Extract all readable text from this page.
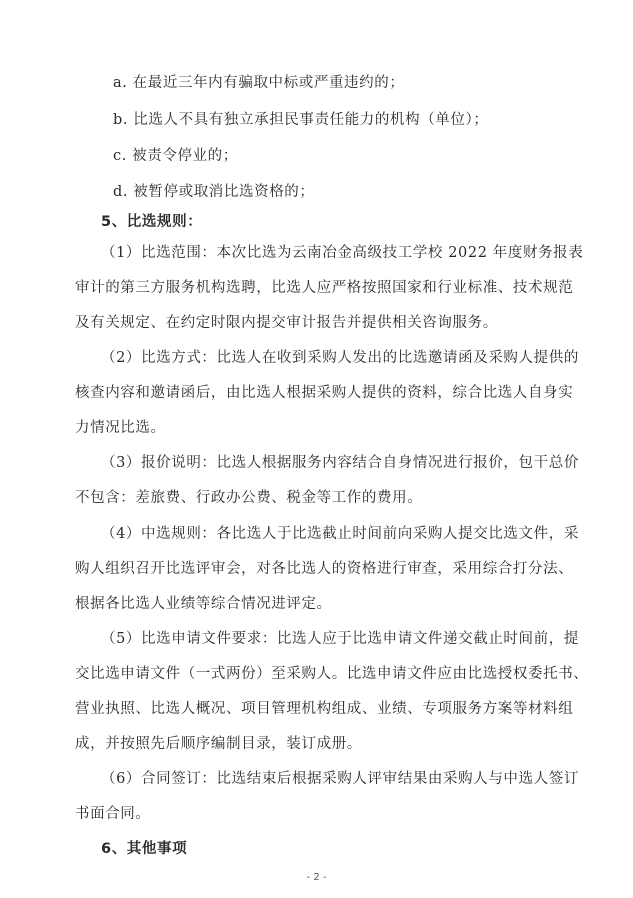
a. 在最近三年内有骗取中标或严重违约的；
b. 比选人不具有独立承担民事责任能力的机构（单位）；
c. 被责令停业的；
d. 被暂停或取消比选资格的；
5、比选规则：
（1）比选范围：本次比选为云南冶金高级技工学校 2022 年度财务报表
审计的第三方服务机构选聘，比选人应严格按照国家和行业标准、技术规范
及有关规定、在约定时限内提交审计报告并提供相关咨询服务。
（2）比选方式：比选人在收到采购人发出的比选邀请函及采购人提供的
核查内容和邀请函后，由比选人根据采购人提供的资料，综合比选人自身实
力情况比选。
（3）报价说明：比选人根据服务内容结合自身情况进行报价，包干总价
不包含：差旅费、行政办公费、税金等工作的费用。
（4）中选规则：各比选人于比选截止时间前向采购人提交比选文件，采
购人组织召开比选评审会，对各比选人的资格进行审查，采用综合打分法、
根据各比选人业绩等综合情况进评定。
（5）比选申请文件要求：比选人应于比选申请文件递交截止时间前，提
交比选申请文件（一式两份）至采购人。比选申请文件应由比选授权委托书、
营业执照、比选人概况、项目管理机构组成、业绩、专项服务方案等材料组
成，并按照先后顺序编制目录，装订成册。
（6）合同签订：比选结束后根据采购人评审结果由采购人与中选人签订
书面合同。
6、其他事项
- 2 -
